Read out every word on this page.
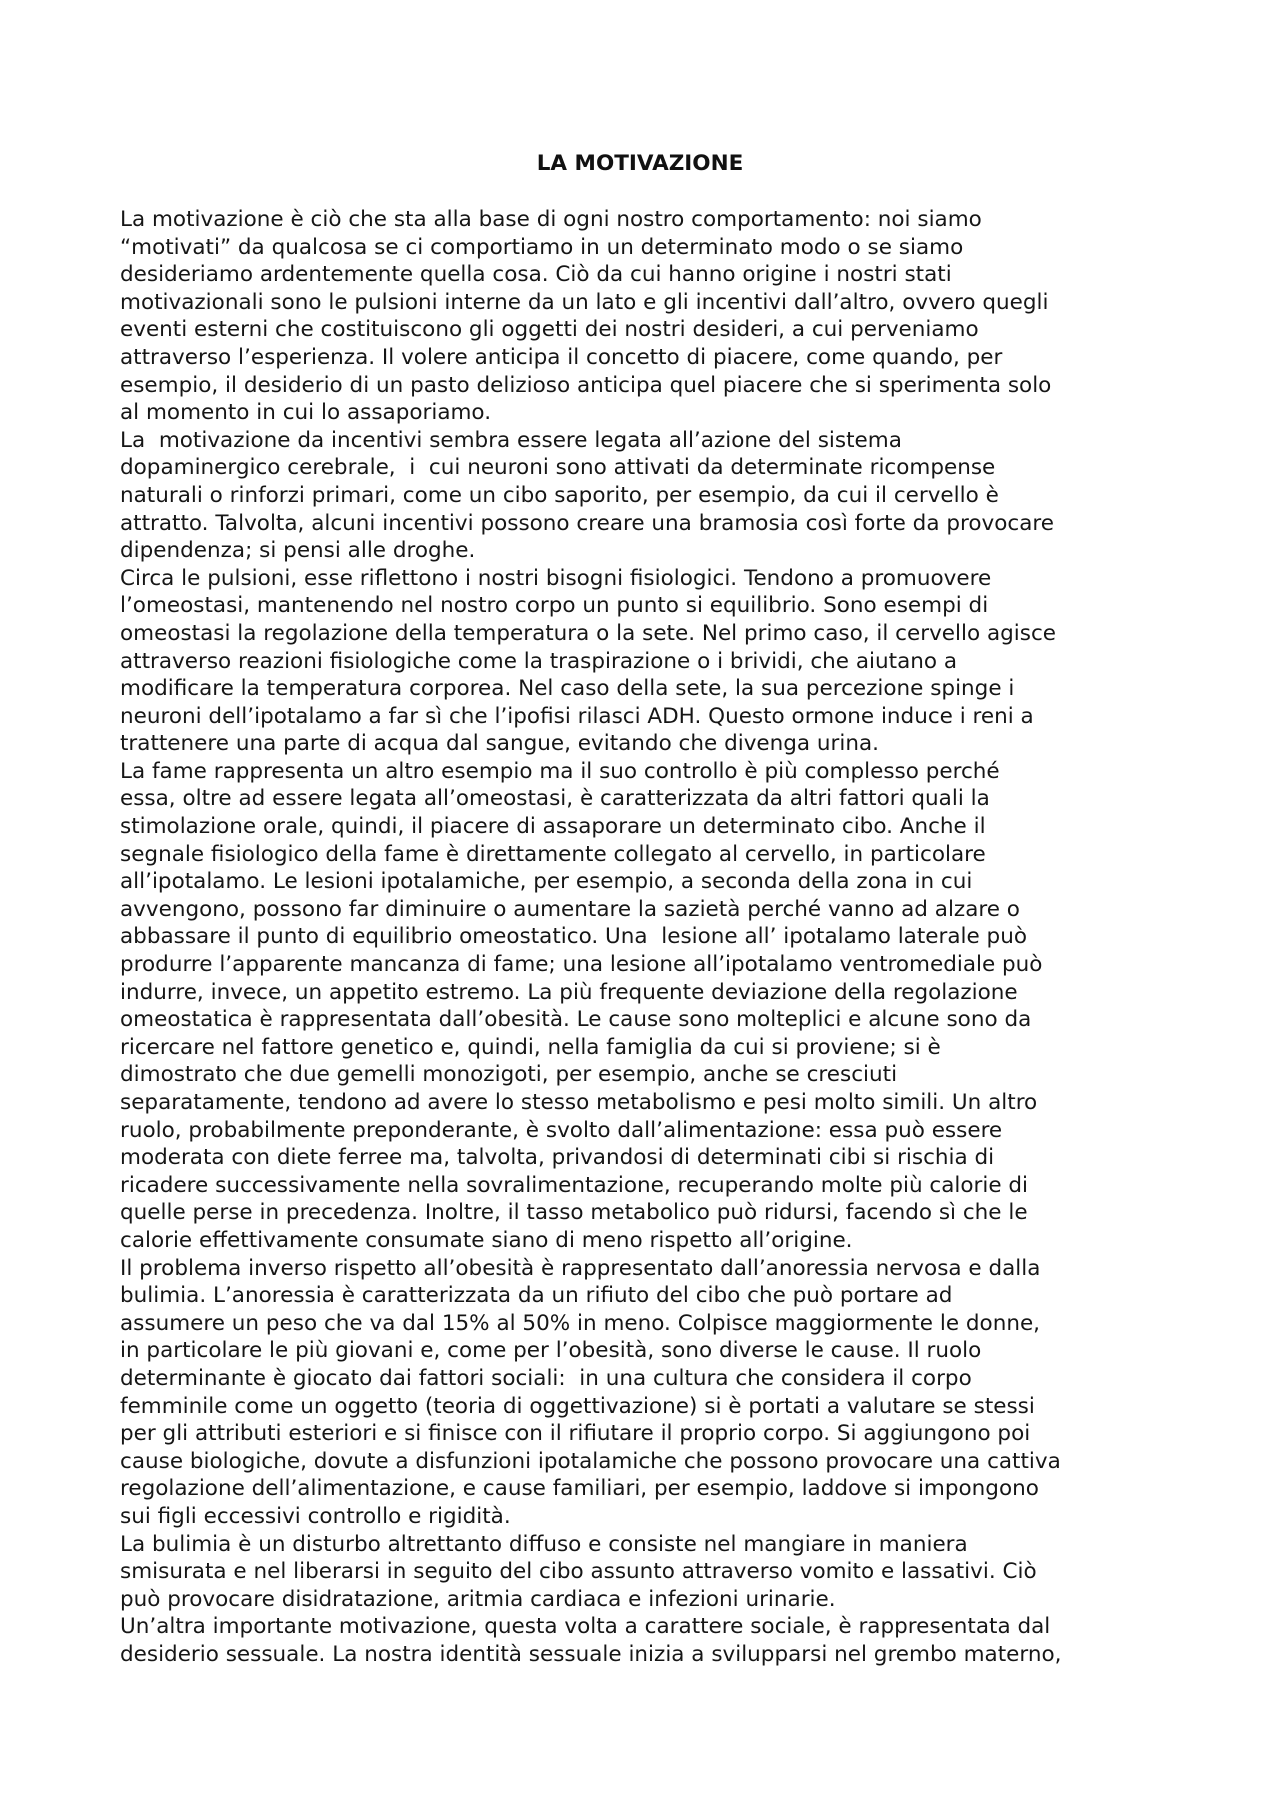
LA MOTIVAZIONE
La motivazione è ciò che sta alla base di ogni nostro comportamento: noi siamo
“motivati” da qualcosa se ci comportiamo in un determinato modo o se siamo
desideriamo ardentemente quella cosa. Ciò da cui hanno origine i nostri stati
motivazionali sono le pulsioni interne da un lato e gli incentivi dall’altro, ovvero quegli
eventi esterni che costituiscono gli oggetti dei nostri desideri, a cui perveniamo
attraverso l’esperienza. Il volere anticipa il concetto di piacere, come quando, per
esempio, il desiderio di un pasto delizioso anticipa quel piacere che si sperimenta solo
al momento in cui lo assaporiamo.
La  motivazione da incentivi sembra essere legata all’azione del sistema
dopaminergico cerebrale,  i  cui neuroni sono attivati da determinate ricompense
naturali o rinforzi primari, come un cibo saporito, per esempio, da cui il cervello è
attratto. Talvolta, alcuni incentivi possono creare una bramosia così forte da provocare
dipendenza; si pensi alle droghe.
Circa le pulsioni, esse riflettono i nostri bisogni fisiologici. Tendono a promuovere
l’omeostasi, mantenendo nel nostro corpo un punto si equilibrio. Sono esempi di
omeostasi la regolazione della temperatura o la sete. Nel primo caso, il cervello agisce
attraverso reazioni fisiologiche come la traspirazione o i brividi, che aiutano a
modificare la temperatura corporea. Nel caso della sete, la sua percezione spinge i
neuroni dell’ipotalamo a far sì che l’ipofisi rilasci ADH. Questo ormone induce i reni a
trattenere una parte di acqua dal sangue, evitando che divenga urina.
La fame rappresenta un altro esempio ma il suo controllo è più complesso perché
essa, oltre ad essere legata all’omeostasi, è caratterizzata da altri fattori quali la
stimolazione orale, quindi, il piacere di assaporare un determinato cibo. Anche il
segnale fisiologico della fame è direttamente collegato al cervello, in particolare
all’ipotalamo. Le lesioni ipotalamiche, per esempio, a seconda della zona in cui
avvengono, possono far diminuire o aumentare la sazietà perché vanno ad alzare o
abbassare il punto di equilibrio omeostatico. Una  lesione all’ ipotalamo laterale può
produrre l’apparente mancanza di fame; una lesione all’ipotalamo ventromediale può
indurre, invece, un appetito estremo. La più frequente deviazione della regolazione
omeostatica è rappresentata dall’obesità. Le cause sono molteplici e alcune sono da
ricercare nel fattore genetico e, quindi, nella famiglia da cui si proviene; si è
dimostrato che due gemelli monozigoti, per esempio, anche se cresciuti
separatamente, tendono ad avere lo stesso metabolismo e pesi molto simili. Un altro
ruolo, probabilmente preponderante, è svolto dall’alimentazione: essa può essere
moderata con diete ferree ma, talvolta, privandosi di determinati cibi si rischia di
ricadere successivamente nella sovralimentazione, recuperando molte più calorie di
quelle perse in precedenza. Inoltre, il tasso metabolico può ridursi, facendo sì che le
calorie effettivamente consumate siano di meno rispetto all’origine.
Il problema inverso rispetto all’obesità è rappresentato dall’anoressia nervosa e dalla
bulimia. L’anoressia è caratterizzata da un rifiuto del cibo che può portare ad
assumere un peso che va dal 15% al 50% in meno. Colpisce maggiormente le donne,
in particolare le più giovani e, come per l’obesità, sono diverse le cause. Il ruolo
determinante è giocato dai fattori sociali:  in una cultura che considera il corpo
femminile come un oggetto (teoria di oggettivazione) si è portati a valutare se stessi
per gli attributi esteriori e si finisce con il rifiutare il proprio corpo. Si aggiungono poi
cause biologiche, dovute a disfunzioni ipotalamiche che possono provocare una cattiva
regolazione dell’alimentazione, e cause familiari, per esempio, laddove si impongono
sui figli eccessivi controllo e rigidità.
La bulimia è un disturbo altrettanto diffuso e consiste nel mangiare in maniera
smisurata e nel liberarsi in seguito del cibo assunto attraverso vomito e lassativi. Ciò
può provocare disidratazione, aritmia cardiaca e infezioni urinarie.
Un’altra importante motivazione, questa volta a carattere sociale, è rappresentata dal
desiderio sessuale. La nostra identità sessuale inizia a svilupparsi nel grembo materno,
